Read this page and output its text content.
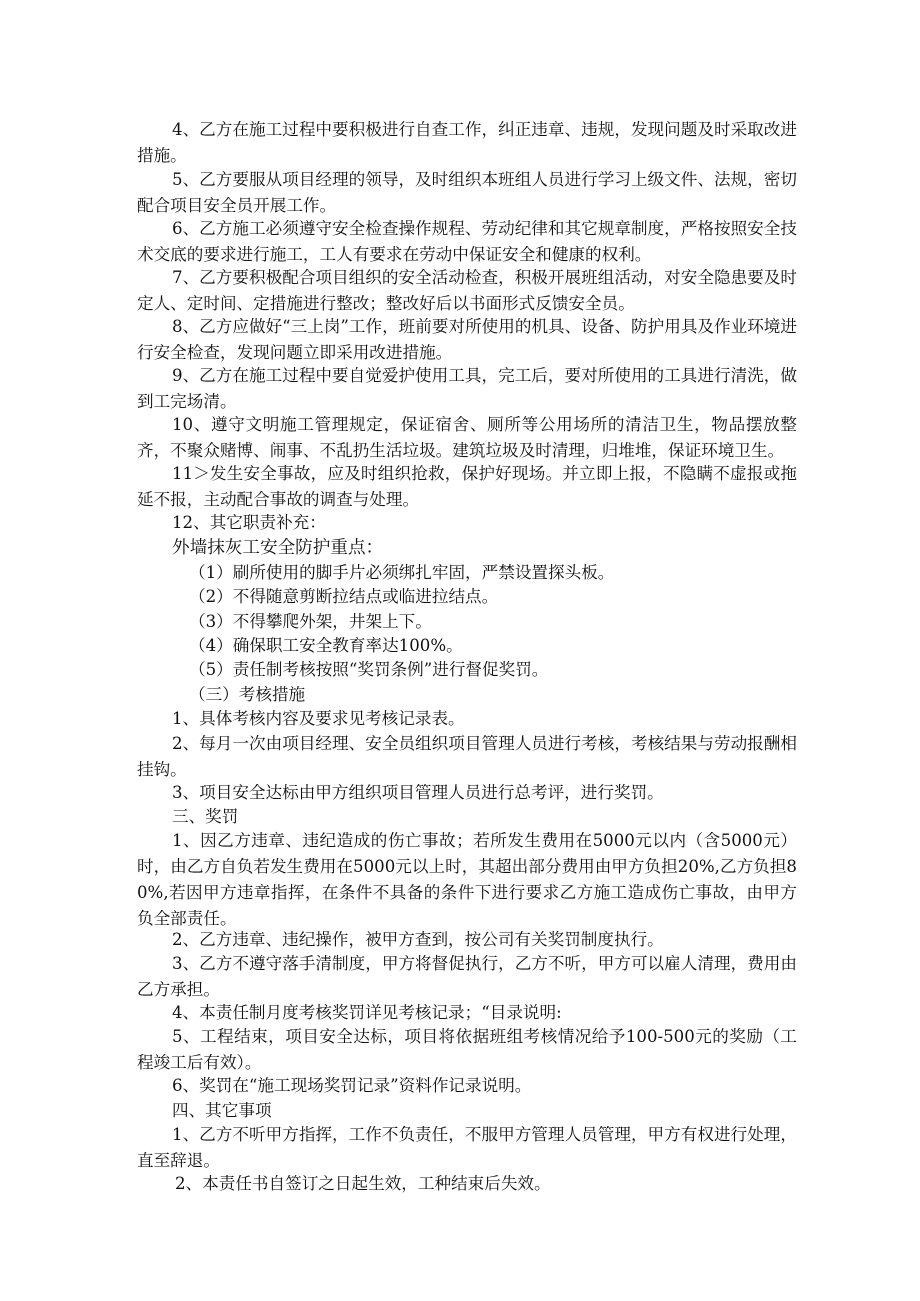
4、乙方在施工过程中要积极进行自查工作，纠正违章、违规，发现问题及时采取改进措施。

5、乙方要服从项目经理的领导，及时组织本班组人员进行学习上级文件、法规，密切配合项目安全员开展工作。

6、乙方施工必须遵守安全检查操作规程、劳动纪律和其它规章制度，严格按照安全技术交底的要求进行施工，工人有要求在劳动中保证安全和健康的权利。

7、乙方要积极配合项目组织的安全活动检查，积极开展班组活动，对安全隐患要及时定人、定时间、定措施进行整改；整改好后以书面形式反馈安全员。

8、乙方应做好“三上岗”工作，班前要对所使用的机具、设备、防护用具及作业环境进行安全检查，发现问题立即采用改进措施。

9、乙方在施工过程中要自觉爱护使用工具，完工后，要对所使用的工具进行清洗，做到工完场清。

10、遵守文明施工管理规定，保证宿舍、厕所等公用场所的清洁卫生，物品摆放整齐，不聚众赌博、闹事、不乱扔生活垃圾。建筑垃圾及时清理，归堆堆，保证环境卫生。

11＞发生安全事故，应及时组织抢救，保护好现场。并立即上报，不隐瞒不虚报或拖延不报，主动配合事故的调查与处理。

12、其它职责补充：

外墙抹灰工安全防护重点：

（1）刷所使用的脚手片必须绑扎牢固，严禁设置探头板。

（2）不得随意剪断拉结点或临进拉结点。

（3）不得攀爬外架，井架上下。

（4）确保职工安全教育率达100%。

（5）责任制考核按照“奖罚条例”进行督促奖罚。

（三）考核措施

1、具体考核内容及要求见考核记录表。

2、每月一次由项目经理、安全员组织项目管理人员进行考核，考核结果与劳动报酬相挂钩。

3、项目安全达标由甲方组织项目管理人员进行总考评，进行奖罚。

三、奖罚

1、因乙方违章、违纪造成的伤亡事故；若所发生费用在5000元以内（含5000元）时，由乙方自负若发生费用在5000元以上时，其超出部分费用由甲方负担20%,乙方负担80%,若因甲方违章指挥，在条件不具备的条件下进行要求乙方施工造成伤亡事故，由甲方负全部责任。

2、乙方违章、违纪操作，被甲方查到，按公司有关奖罚制度执行。

3、乙方不遵守落手清制度，甲方将督促执行，乙方不听，甲方可以雇人清理，费用由乙方承担。

4、本责任制月度考核奖罚详见考核记录；“目录说明:

5、工程结束，项目安全达标，项目将依据班组考核情况给予100-500元的奖励（工程竣工后有效）。

6、奖罚在“施工现场奖罚记录”资料作记录说明。

四、其它事项

1、乙方不听甲方指挥，工作不负责任，不服甲方管理人员管理，甲方有权进行处理，直至辞退。

2、本责任书自签订之日起生效，工种结束后失效。
